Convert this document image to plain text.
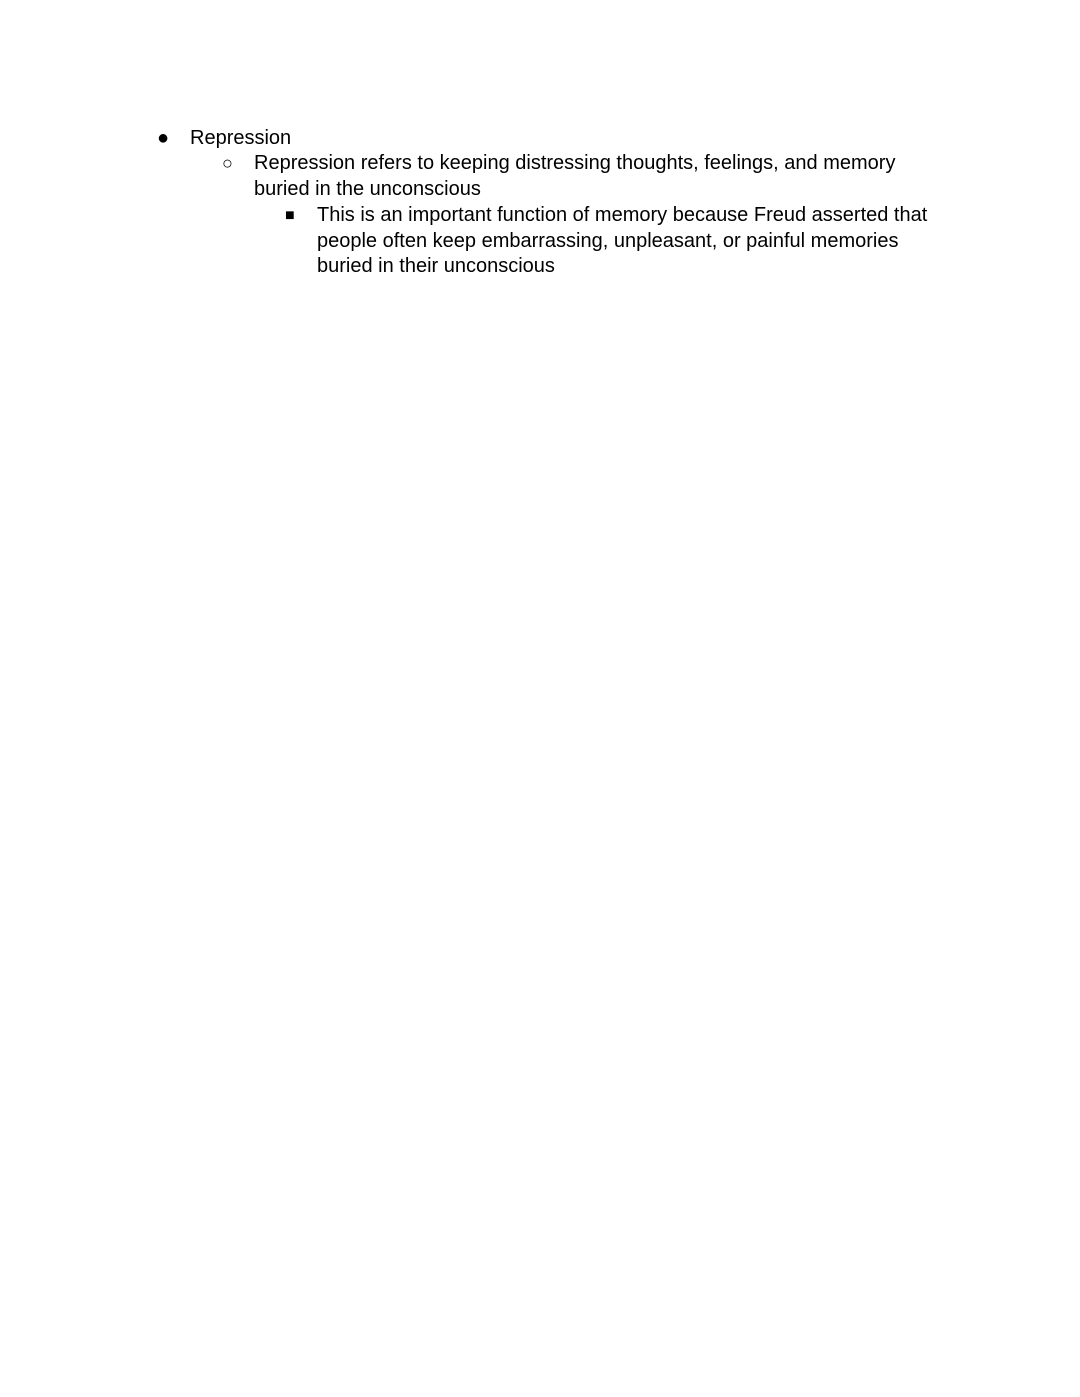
● Repression

○ Repression refers to keeping distressing thoughts, feelings, and memory buried in the unconscious

■ This is an important function of memory because Freud asserted that people often keep embarrassing, unpleasant, or painful memories buried in their unconscious
